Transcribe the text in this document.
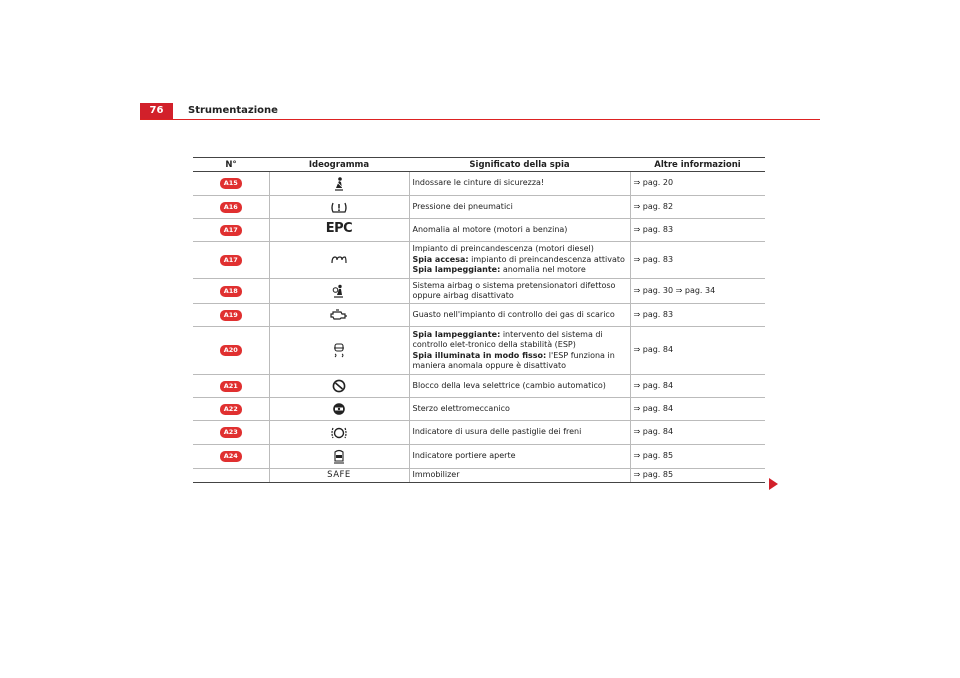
76	Strumentazione
N°	Ideogramma	Significato della spia	Altre informazioni
A15		Indossare le cinture di sicurezza!	⇒ pag. 20
A16		Pressione dei pneumatici	⇒ pag. 82
A17	EPC	Anomalia al motore (motori a benzina)	⇒ pag. 83
A17		Impianto di preincandescenza (motori diesel)
Spia accesa: impianto di preincandescenza attivato
Spia lampeggiante: anomalia nel motore	⇒ pag. 83
A18		Sistema airbag o sistema pretensionatori difettoso oppure airbag disattivato	⇒ pag. 30 ⇒ pag. 34
A19		Guasto nell'impianto di controllo dei gas di scarico	⇒ pag. 83
A20		Spia lampeggiante: intervento del sistema di controllo elet-tronico della stabilità (ESP)
Spia illuminata in modo fisso: l'ESP funziona in maniera anomala oppure è disattivato	⇒ pag. 84
A21		Blocco della leva selettrice (cambio automatico)	⇒ pag. 84
A22		Sterzo elettromeccanico	⇒ pag. 84
A23		Indicatore di usura delle pastiglie dei freni	⇒ pag. 84
A24		Indicatore portiere aperte	⇒ pag. 85
	SAFE	Immobilizer	⇒ pag. 85
